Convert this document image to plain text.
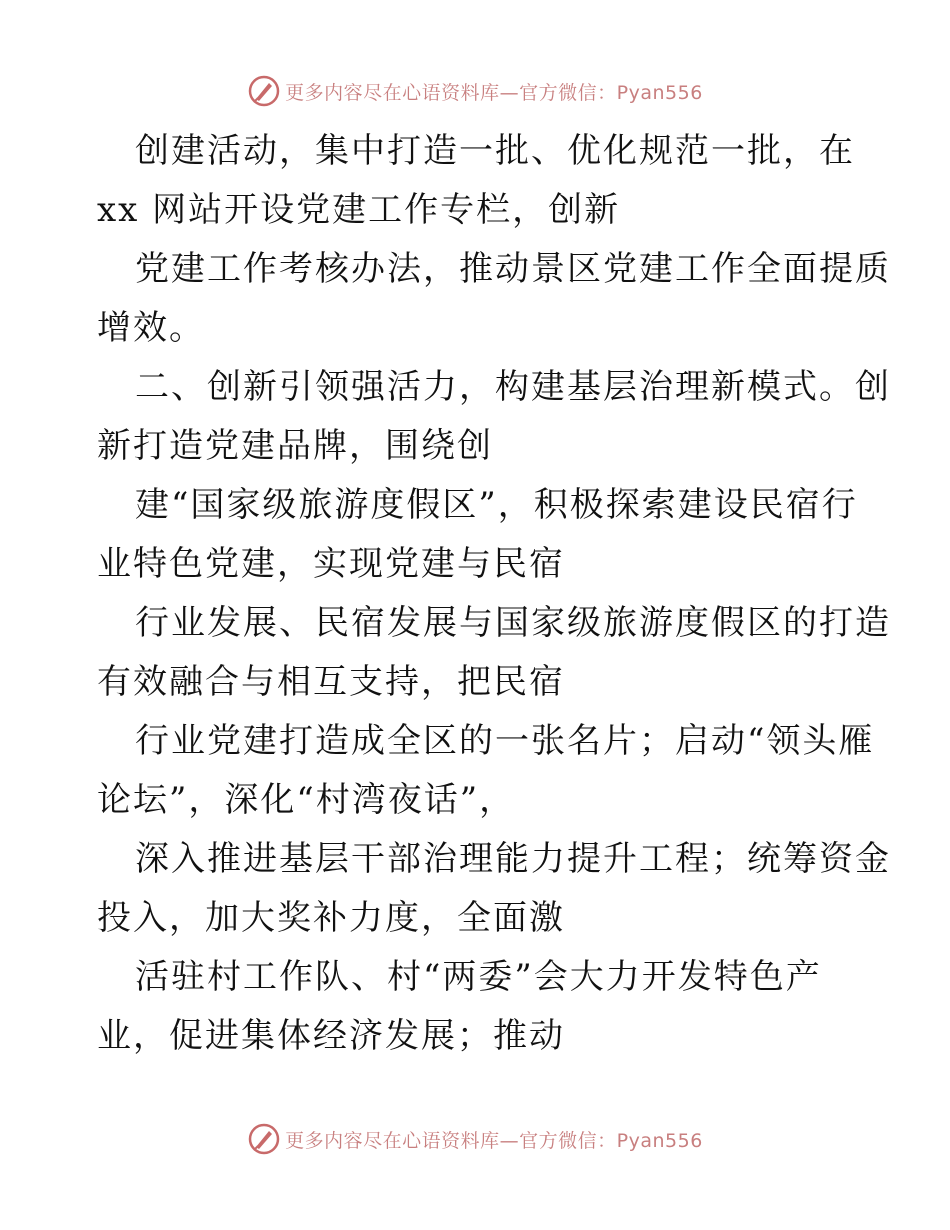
更多内容尽在心语资料库—官方微信：Pyan556
创建活动，集中打造一批、优化规范一批，在
xx 网站开设党建工作专栏，创新
党建工作考核办法，推动景区党建工作全面提质
增效。
二、创新引领强活力，构建基层治理新模式。创
新打造党建品牌，围绕创
建“国家级旅游度假区”，积极探索建设民宿行
业特色党建，实现党建与民宿
行业发展、民宿发展与国家级旅游度假区的打造
有效融合与相互支持，把民宿
行业党建打造成全区的一张名片；启动“领头雁
论坛”，深化“村湾夜话”，
深入推进基层干部治理能力提升工程；统筹资金
投入，加大奖补力度，全面激
活驻村工作队、村“两委”会大力开发特色产
业，促进集体经济发展；推动
更多内容尽在心语资料库—官方微信：Pyan556
